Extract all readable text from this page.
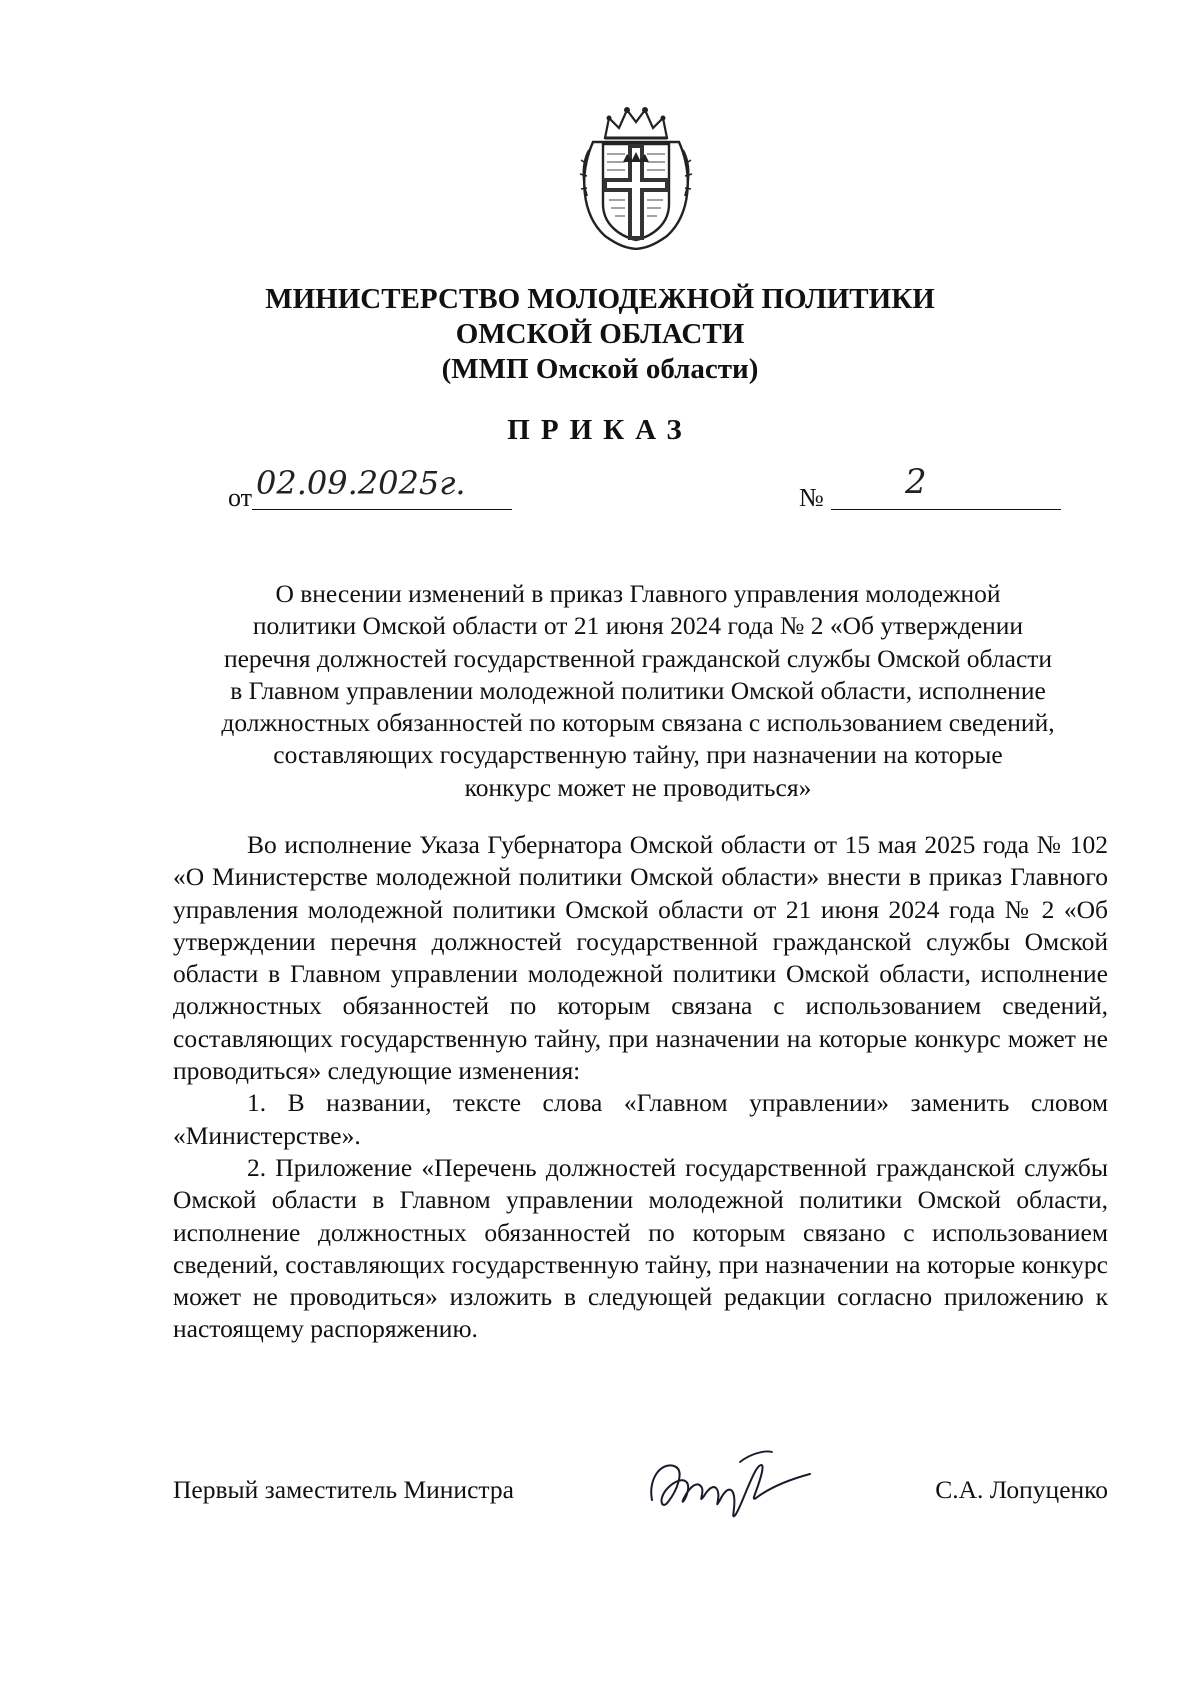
МИНИСТЕРСТВО МОЛОДЕЖНОЙ ПОЛИТИКИ
ОМСКОЙ ОБЛАСТИ
(ММП Омской области)
ПРИКАЗ
от 02.09.2025г.	№ 2
О внесении изменений в приказ Главного управления молодежной
политики Омской области от 21 июня 2024 года № 2 «Об утверждении
перечня должностей государственной гражданской службы Омской области
в Главном управлении молодежной политики Омской области, исполнение
должностных обязанностей по которым связана с использованием сведений,
составляющих государственную тайну, при назначении на которые
конкурс может не проводиться»

Во исполнение Указа Губернатора Омской области от 15 мая 2025 года № 102 «О Министерстве молодежной политики Омской области» внести в приказ Главного управления молодежной политики Омской области от 21 июня 2024 года № 2 «Об утверждении перечня должностей государственной гражданской службы Омской области в Главном управлении молодежной политики Омской области, исполнение должностных обязанностей по которым связана с использованием сведений, составляющих государственную тайну, при назначении на которые конкурс может не проводиться» следующие изменения:

1. В названии, тексте слова «Главном управлении» заменить словом «Министерстве».

2. Приложение «Перечень должностей государственной гражданской службы Омской области в Главном управлении молодежной политики Омской области, исполнение должностных обязанностей по которым связано с использованием сведений, составляющих государственную тайну, при назначении на которые конкурс может не проводиться» изложить в следующей редакции согласно приложению к настоящему распоряжению.

Первый заместитель Министра	С.А. Лопуценко
